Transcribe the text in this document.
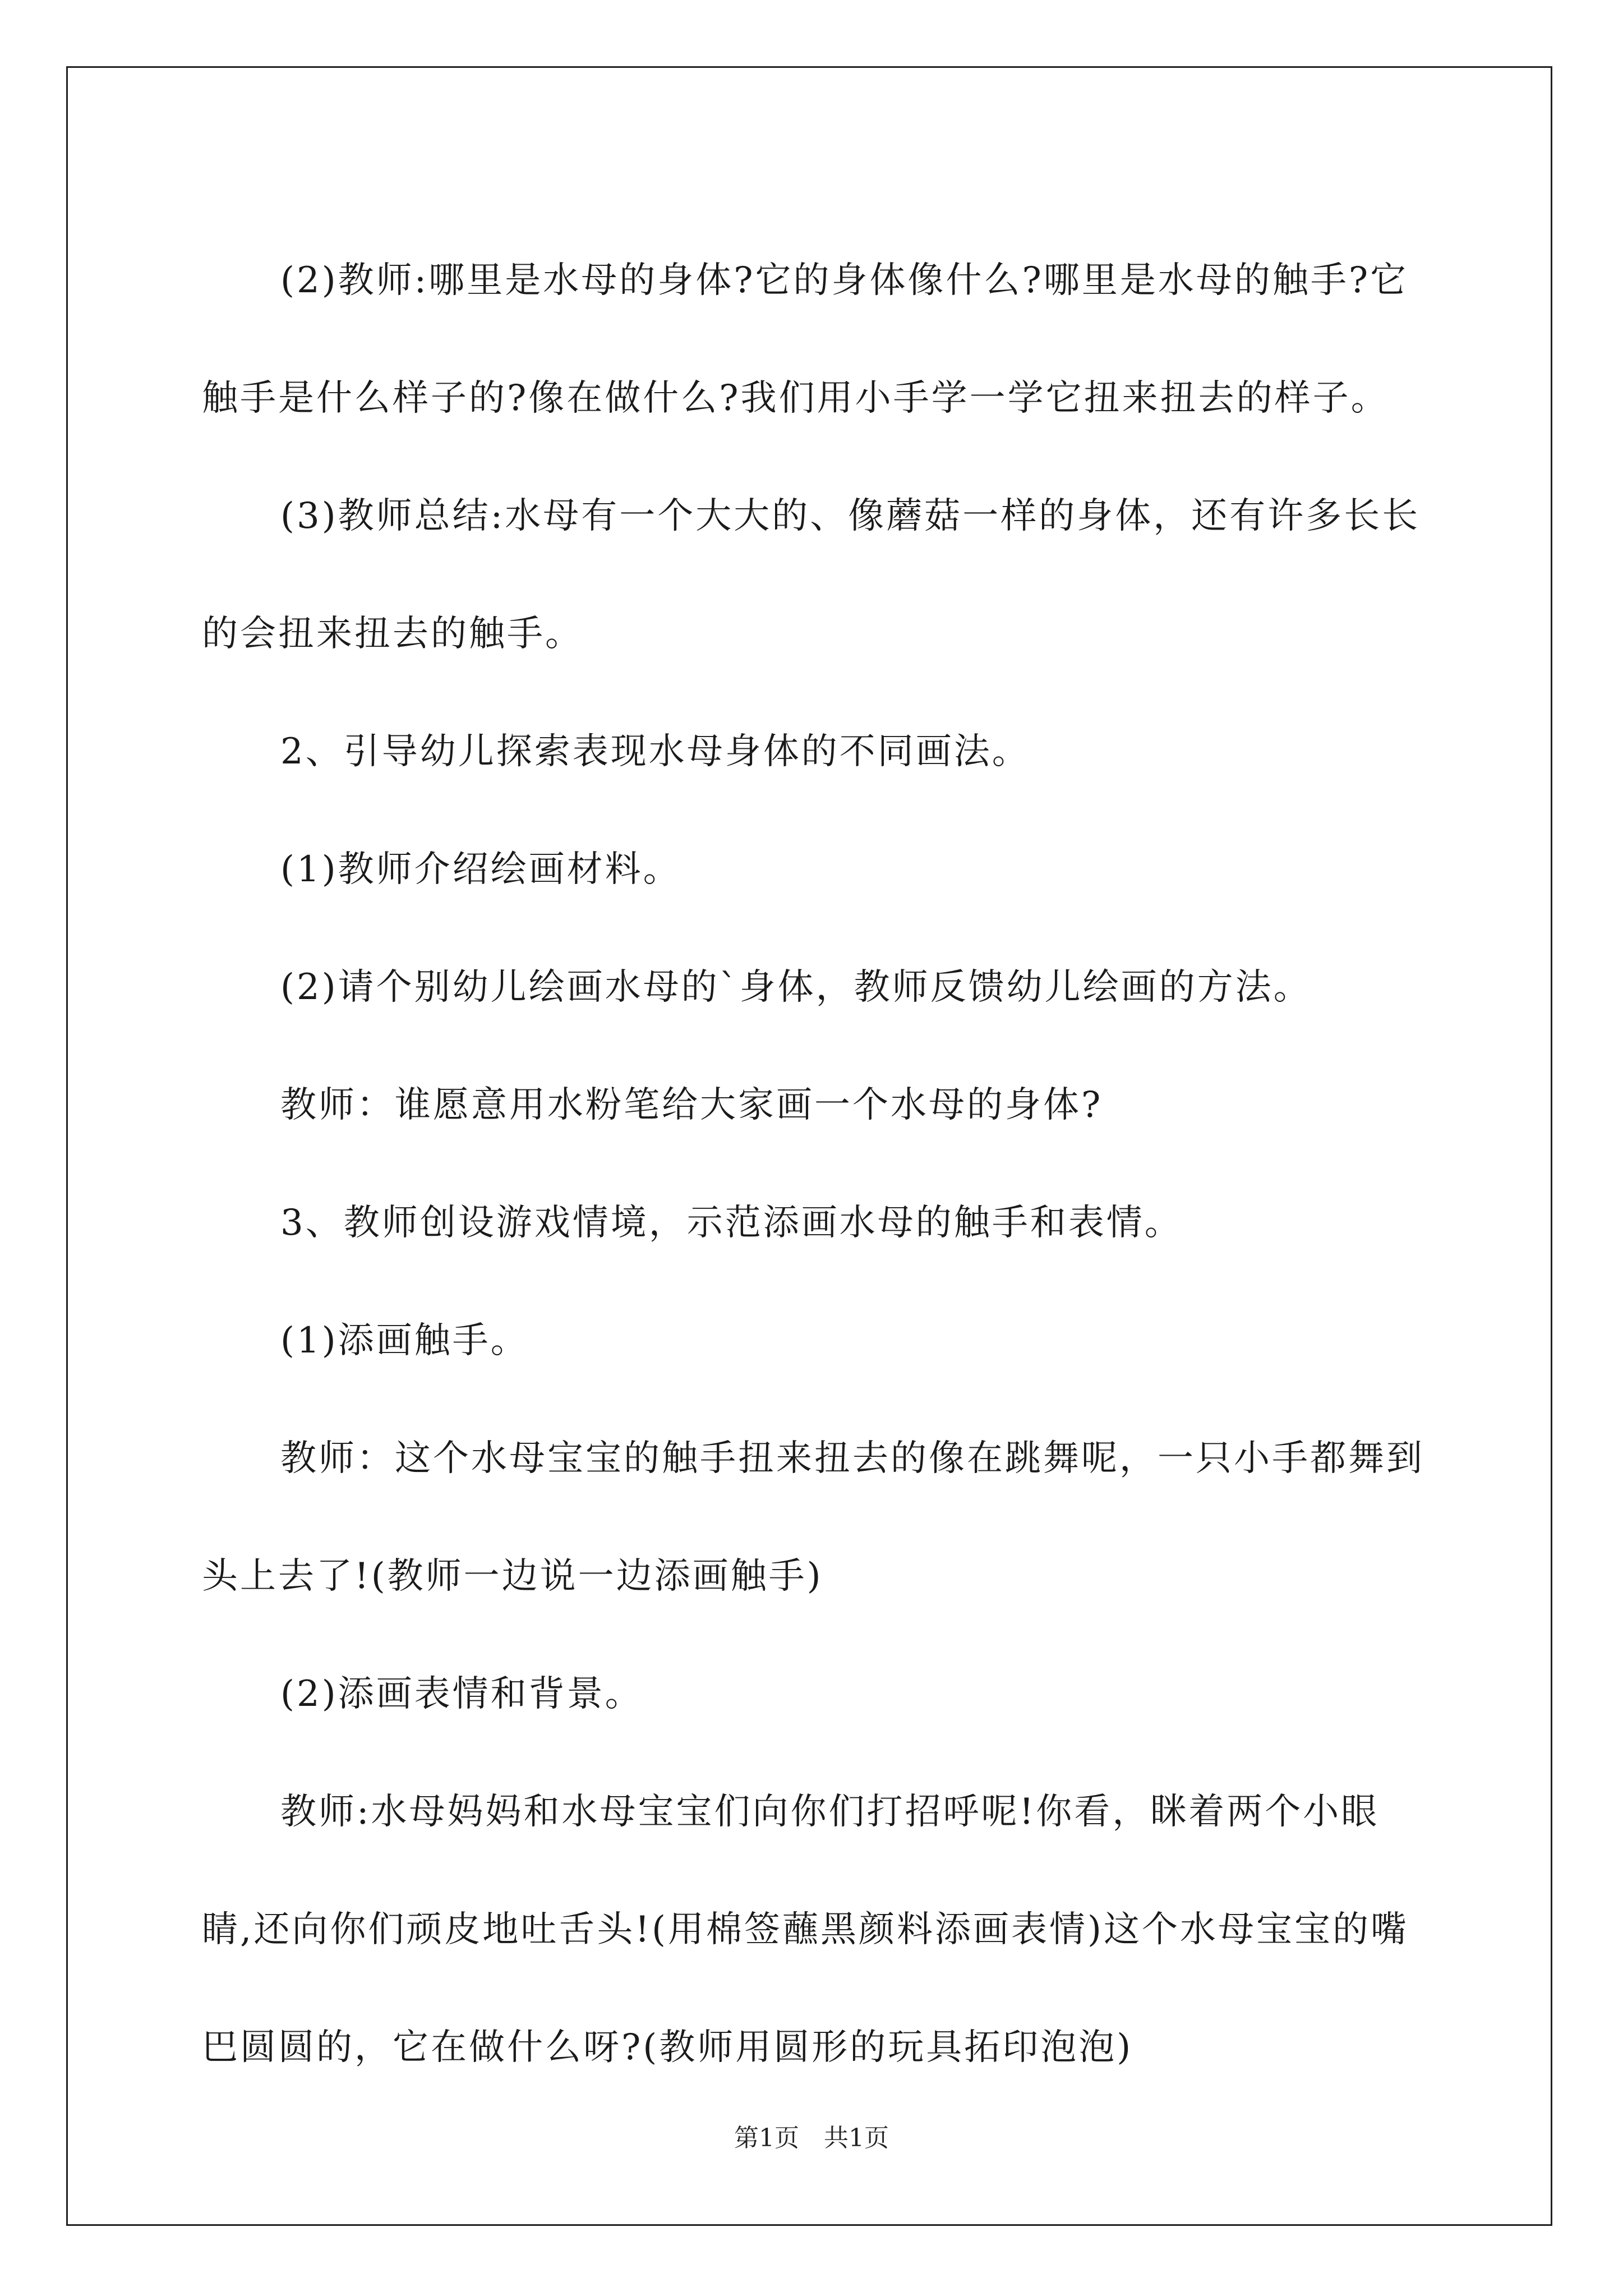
(2)教师:哪里是水母的身体?它的身体像什么?哪里是水母的触手?它触手是什么样子的?像在做什么?我们用小手学一学它扭来扭去的样子。

(3)教师总结:水母有一个大大的、像蘑菇一样的身体，还有许多长长的会扭来扭去的触手。

2、引导幼儿探索表现水母身体的不同画法。

(1)教师介绍绘画材料。

(2)请个别幼儿绘画水母的`身体，教师反馈幼儿绘画的方法。

教师：谁愿意用水粉笔给大家画一个水母的身体?

3、教师创设游戏情境，示范添画水母的触手和表情。

(1)添画触手。

教师：这个水母宝宝的触手扭来扭去的像在跳舞呢，一只小手都舞到头上去了!(教师一边说一边添画触手)

(2)添画表情和背景。

教师:水母妈妈和水母宝宝们向你们打招呼呢!你看，眯着两个小眼睛,还向你们顽皮地吐舌头!(用棉签蘸黑颜料添画表情)这个水母宝宝的嘴巴圆圆的，它在做什么呀?(教师用圆形的玩具拓印泡泡)

第1页　共1页
